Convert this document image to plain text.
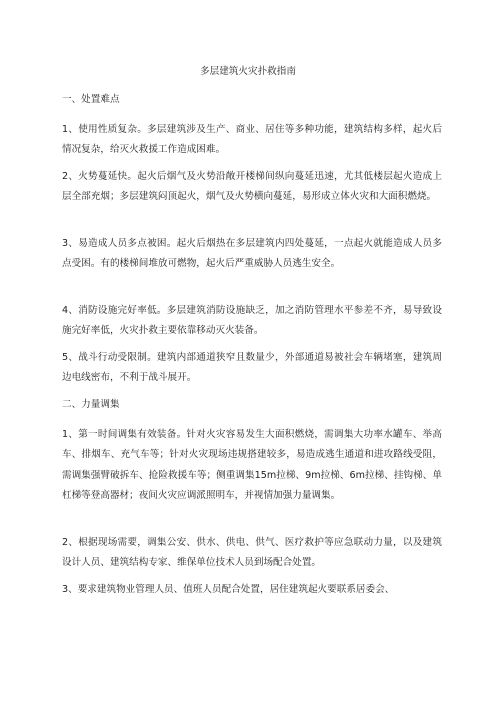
多层建筑火灾扑救指南
一、处置难点
1、使用性质复杂。多层建筑涉及生产、商业、居住等多种功能，建筑结构多样，起火后情况复杂，给灭火救援工作造成困难。
2、火势蔓延快。起火后烟气及火势沿敞开楼梯间纵向蔓延迅速，尤其低楼层起火造成上层全部充烟；多层建筑闷顶起火，烟气及火势横向蔓延，易形成立体火灾和大面积燃烧。
3、易造成人员多点被困。起火后烟热在多层建筑内四处蔓延，一点起火就能造成人员多点受困。有的楼梯间堆放可燃物，起火后严重威胁人员逃生安全。
4、消防设施完好率低。多层建筑消防设施缺乏，加之消防管理水平参差不齐，易导致设施完好率低，火灾扑救主要依靠移动灭火装备。
5、战斗行动受限制。建筑内部通道狭窄且数量少，外部通道易被社会车辆堵塞，建筑周边电线密布，不利于战斗展开。
二、力量调集
1、第一时间调集有效装备。针对火灾容易发生大面积燃烧，需调集大功率水罐车、举高车、排烟车、充气车等；针对火灾现场违规搭建较多，易造成逃生通道和进攻路线受阻，需调集强臂破拆车、抢险救援车等；侧重调集15m拉梯、9m拉梯、6m拉梯、挂钩梯、单杠梯等登高器材；夜间火灾应调派照明车，并视情加强力量调集。
2、根据现场需要，调集公安、供水、供电、供气、医疗救护等应急联动力量，以及建筑设计人员、建筑结构专家、维保单位技术人员到场配合处置。
3、要求建筑物业管理人员、值班人员配合处置，居住建筑起火要联系居委会、
